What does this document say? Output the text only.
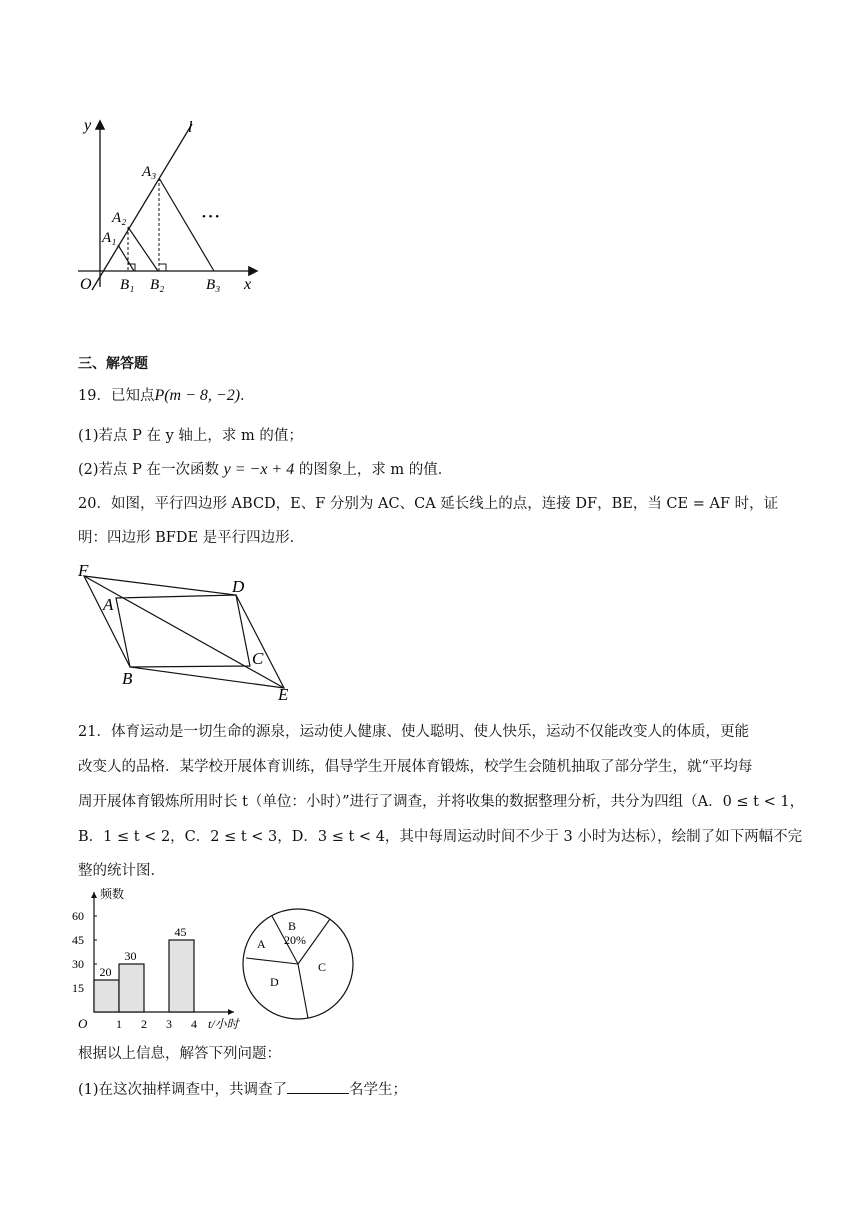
y	l
A₃
A₂
A₁
• • •
O B₁ B₂	B₃ x
三、解答题
19．已知点P(m − 8, −2)．
(1)若点 P 在 y 轴上，求 m 的值；
(2)若点 P 在一次函数 y = −x + 4 的图象上，求 m 的值．
20．如图，平行四边形 ABCD，E、F 分别为 AC、CA 延长线上的点，连接 DF，BE，当 CE = AF 时，证
明：四边形 BFDE 是平行四边形．
F
D
A
C
B
E
21．体育运动是一切生命的源泉，运动使人健康、使人聪明、使人快乐，运动不仅能改变人的体质，更能
改变人的品格．某学校开展体育训练，倡导学生开展体育锻炼，校学生会随机抽取了部分学生，就“平均每
周开展体育锻炼所用时长 t（单位：小时）”进行了调查，并将收集的数据整理分析，共分为四组（A．0 ≤ t < 1，
B．1 ≤ t < 2，C．2 ≤ t < 3，D．3 ≤ t < 4，其中每周运动时间不少于 3 小时为达标），绘制了如下两幅不完
整的统计图．
频数
O
15
30
45
60
1 2 3 4 t/小时
20
30
45	B
20%
A
C
D
根据以上信息，解答下列问题：
(1)在这次抽样调查中，共调查了	名学生；
